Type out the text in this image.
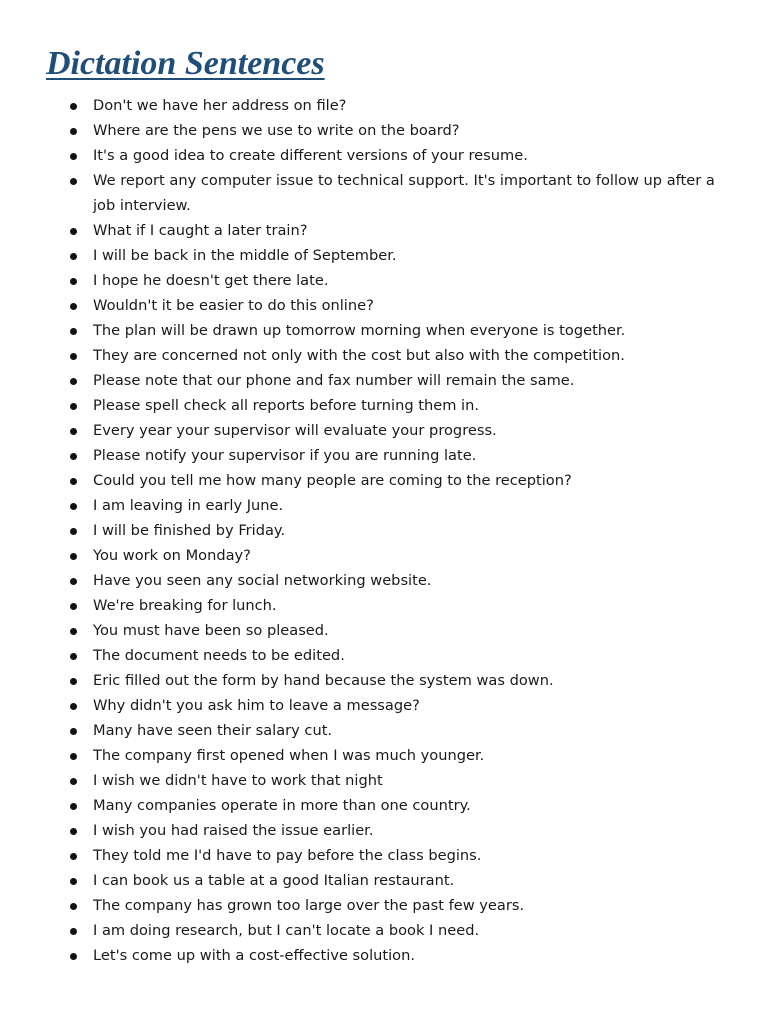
Dictation Sentences
Don't we have her address on file?
Where are the pens we use to write on the board?
It's a good idea to create different versions of your resume.
We report any computer issue to technical support. It's important to follow up after a job interview.
What if I caught a later train?
I will be back in the middle of September.
I hope he doesn't get there late.
Wouldn't it be easier to do this online?
The plan will be drawn up tomorrow morning when everyone is together.
They are concerned not only with the cost but also with the competition.
Please note that our phone and fax number will remain the same.
Please spell check all reports before turning them in.
Every year your supervisor will evaluate your progress.
Please notify your supervisor if you are running late.
Could you tell me how many people are coming to the reception?
I am leaving in early June.
I will be finished by Friday.
You work on Monday?
Have you seen any social networking website.
We're breaking for lunch.
You must have been so pleased.
The document needs to be edited.
Eric filled out the form by hand because the system was down.
Why didn't you ask him to leave a message?
Many have seen their salary cut.
The company first opened when I was much younger.
I wish we didn't have to work that night
Many companies operate in more than one country.
I wish you had raised the issue earlier.
They told me I'd have to pay before the class begins.
I can book us a table at a good Italian restaurant.
The company has grown too large over the past few years.
I am doing research, but I can't locate a book I need.
Let's come up with a cost-effective solution.
